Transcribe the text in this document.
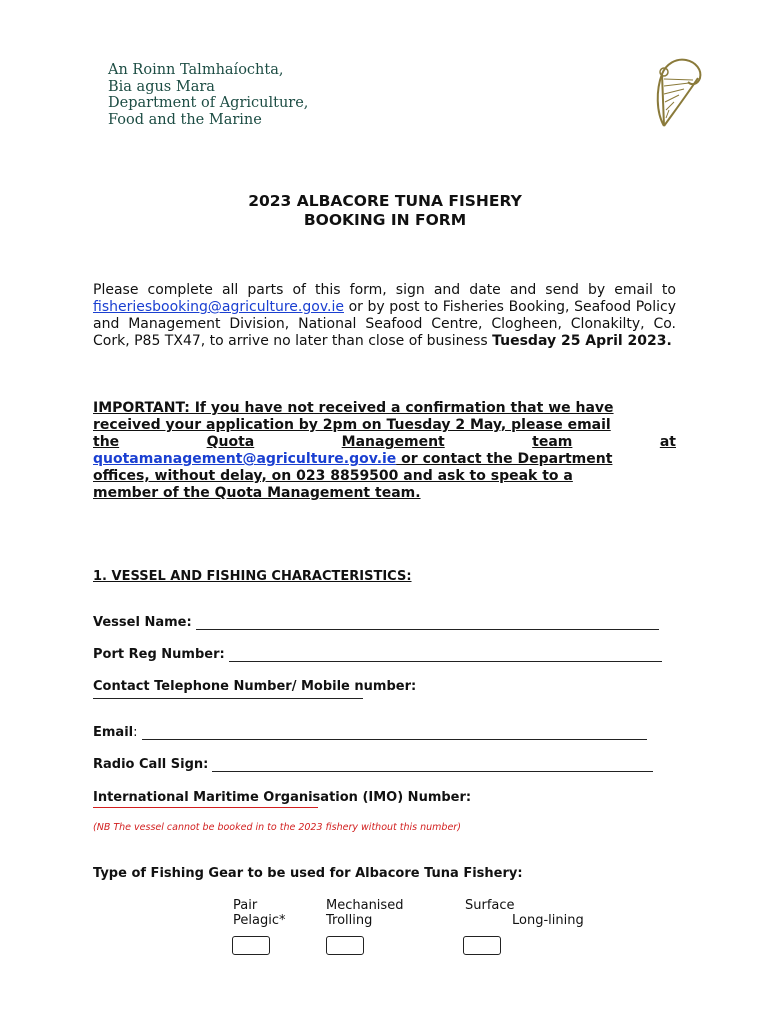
An Roinn Talmhaíochta,
Bia agus Mara
Department of Agriculture,
Food and the Marine
2023 ALBACORE TUNA FISHERY
BOOKING IN FORM
Please complete all parts of this form, sign and date and send by email to fisheriesbooking@agriculture.gov.ie or by post to Fisheries Booking, Seafood Policy and Management Division, National Seafood Centre, Clogheen, Clonakilty, Co. Cork, P85 TX47, to arrive no later than close of business Tuesday 25 April 2023.
IMPORTANT: If you have not received a confirmation that we have
received your application by 2pm on Tuesday 2 May, please email
the	Quota	Management	team	at
quotamanagement@agriculture.gov.ie or contact the Department
offices, without delay, on 023 8859500 and ask to speak to a
member of the Quota Management team.
1. VESSEL AND FISHING CHARACTERISTICS:
Vessel Name:
Port Reg Number:
Contact Telephone Number/ Mobile number:
Email :
Radio Call Sign:
International Maritime Organisation (IMO) Number:
(NB The vessel cannot be booked in to the 2023 fishery without this number)
Type of Fishing Gear to be used for Albacore Tuna Fishery:
Pair
Pelagic*
Mechanised
Trolling
Surface
Long-lining
